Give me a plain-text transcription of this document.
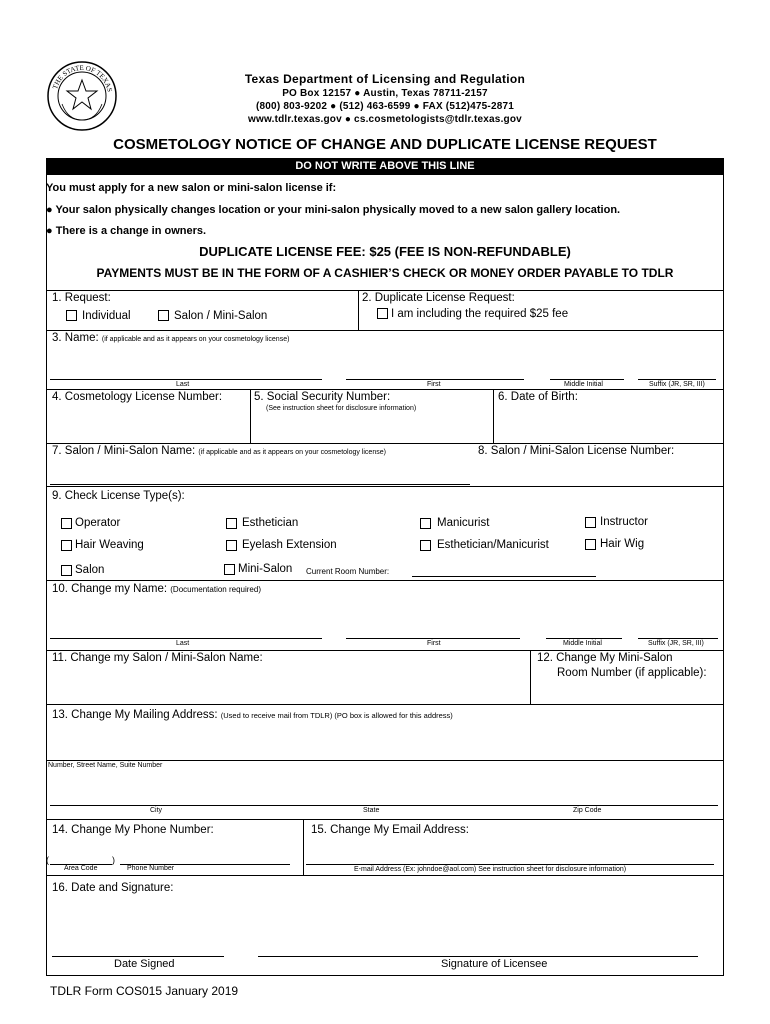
THE STATE OF TEXAS
Texas Department of Licensing and Regulation
PO Box 12157 ● Austin, Texas 78711-2157
(800) 803-9202 ● (512) 463-6599 ● FAX (512)475-2871
www.tdlr.texas.gov ● cs.cosmetologists@tdlr.texas.gov
COSMETOLOGY NOTICE OF CHANGE AND DUPLICATE LICENSE REQUEST
DO NOT WRITE ABOVE THIS LINE
You must apply for a new salon or mini-salon license if:
● Your salon physically changes location or your mini-salon physically moved to a new salon gallery location.
● There is a change in owners.
DUPLICATE LICENSE FEE: $25 (FEE IS NON-REFUNDABLE)
PAYMENTS MUST BE IN THE FORM OF A CASHIER’S CHECK OR MONEY ORDER PAYABLE TO TDLR
1. Request:
Individual	Salon / Mini-Salon
2. Duplicate License Request:
I am including the required $25 fee
3. Name: (if applicable and as it appears on your cosmetology license)
Last	First	Middle Initial	Suffix (JR, SR, III)
4. Cosmetology License Number:	5. Social Security Number:
(See instruction sheet for disclosure information)
6. Date of Birth:
7. Salon / Mini-Salon Name: (if applicable and as it appears on your cosmetology license)	8. Salon / Mini-Salon License Number:
9. Check License Type(s):
Operator	Esthetician	Manicurist	Instructor
Hair Weaving	Eyelash Extension	Esthetician/Manicurist	Hair Wig
Salon	Mini-Salon Current Room Number:
10. Change my Name: (Documentation required)
Last	First	Middle Initial	Suffix (JR, SR, III)
11. Change my Salon / Mini-Salon Name:	12. Change My Mini-Salon
Room Number (if applicable):
13. Change My Mailing Address: (Used to receive mail from TDLR) (PO box is allowed for this address)
Number, Street Name, Suite Number
City	State	Zip Code
14. Change My Phone Number:
(	)
Area Code	Phone Number
15. Change My Email Address:
E-mail Address (Ex: johndoe@aol.com) See instruction sheet for disclosure information)
16. Date and Signature:
Date Signed	Signature of Licensee
TDLR Form COS015 January 2019
